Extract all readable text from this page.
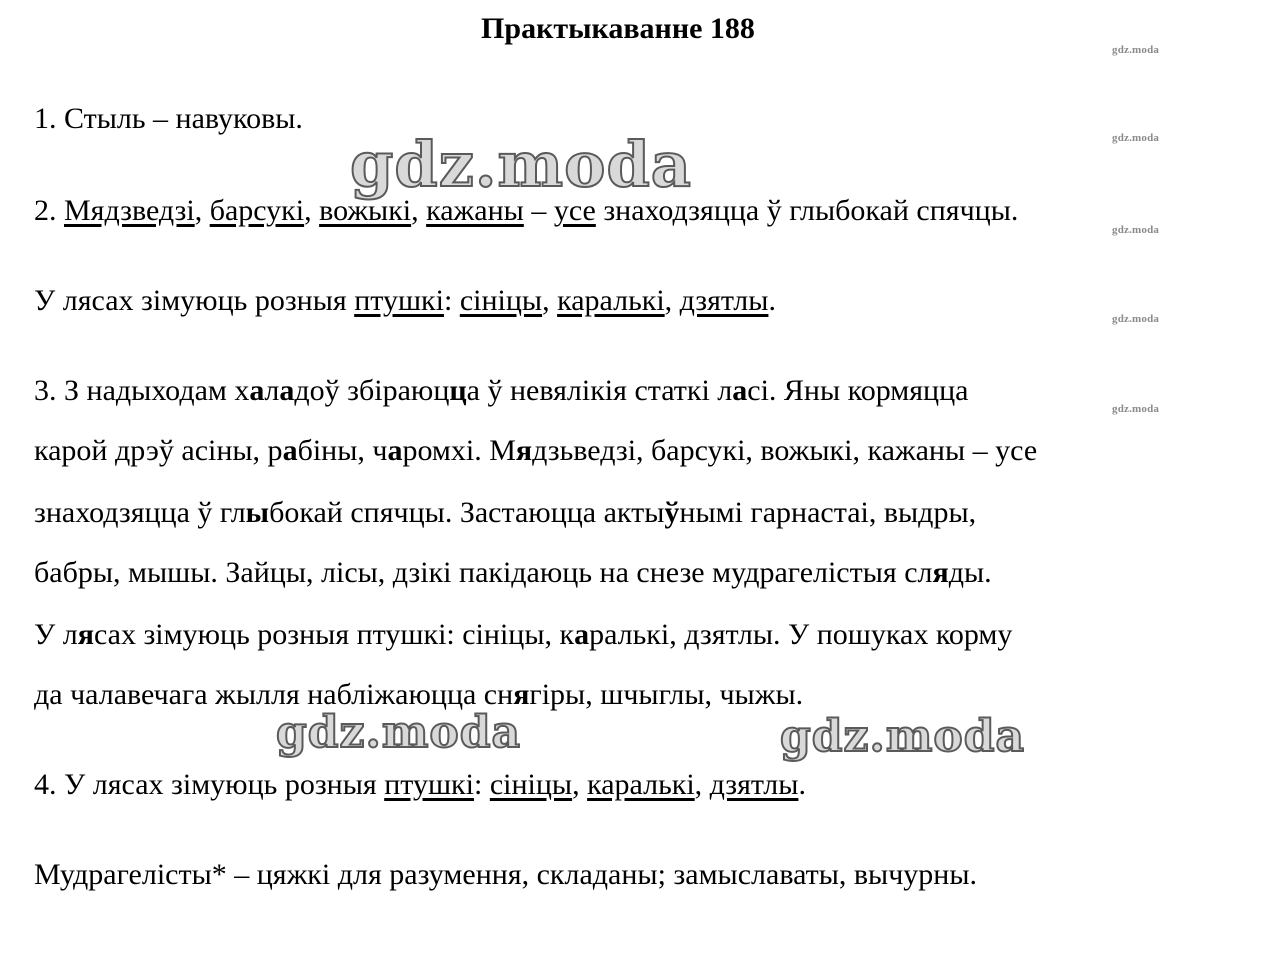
Практыкаванне 188
1. Стыль – навуковы.
2. Мядзведзі, барсукі, вожыкі, кажаны – усе знаходзяцца ў глыбокай спячцы.
У лясах зімуюць розныя птушкі: сініцы, каралькі, дзятлы.
3. З надыходам халадоў збіраюцца ў невялікія статкі ласі. Яны кормяцца
карой дрэў асіны, рабіны, чаромхі. Мядзьведзі, барсукі, вожыкі, кажаны – усе
знаходзяцца ў глыбокай спячцы. Застаюцца актыўнымі гарнастаі, выдры,
бабры, мышы. Зайцы, лісы, дзікі пакідаюць на снезе мудрагелістыя сляды.
У лясах зімуюць розныя птушкі: сініцы, каралькі, дзятлы. У пошуках корму
да чалавечага жылля набліжаюцца снягіры, шчыглы, чыжы.
4. У лясах зімуюць розныя птушкі: сініцы, каралькі, дзятлы.
Мудрагелісты* – цяжкі для разумення, складаны; замыславаты, вычурны.
gdz.moda
gdz.moda
gdz.moda
gdz.moda
gdz.moda
gdz.moda
gdz.moda	gdz.moda
